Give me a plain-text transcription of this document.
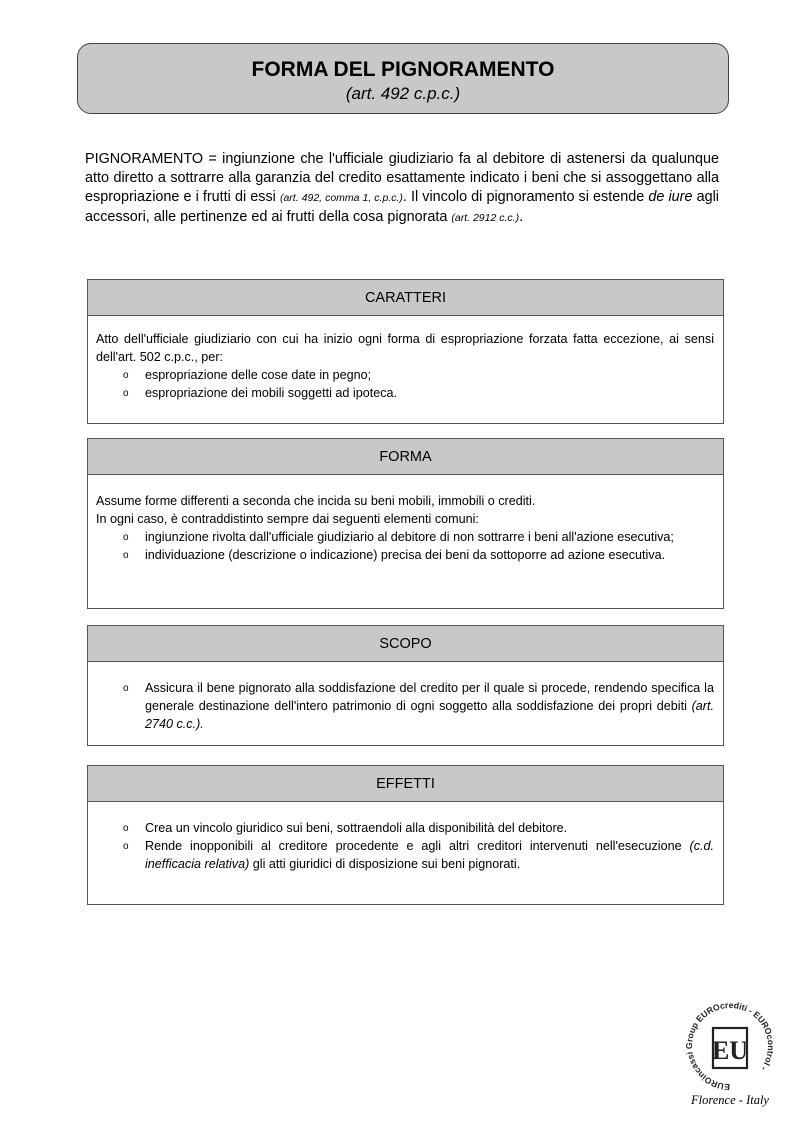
FORMA DEL PIGNORAMENTO
(art. 492 c.p.c.)
PIGNORAMENTO = ingiunzione che l'ufficiale giudiziario fa al debitore di astenersi da qualunque atto diretto a sottrarre alla garanzia del credito esattamente indicato i beni che si assoggettano alla espropriazione e i frutti di essi (art. 492, comma 1, c.p.c.). Il vincolo di pignoramento si estende de iure agli accessori, alle pertinenze ed ai frutti della cosa pignorata (art. 2912 c.c.).
CARATTERI
Atto dell'ufficiale giudiziario con cui ha inizio ogni forma di espropriazione forzata fatta eccezione, ai sensi dell'art. 502 c.p.c., per:
o espropriazione delle cose date in pegno;
o espropriazione dei mobili soggetti ad ipoteca.
FORMA
Assume forme differenti a seconda che incida su beni mobili, immobili o crediti.
In ogni caso, è contraddistinto sempre dai seguenti elementi comuni:
o ingiunzione rivolta dall'ufficiale giudiziario al debitore di non sottrarre i beni all'azione esecutiva;
o individuazione (descrizione o indicazione) precisa dei beni da sottoporre ad azione esecutiva.
SCOPO
o Assicura il bene pignorato alla soddisfazione del credito per il quale si procede, rendendo specifica la generale destinazione dell'intero patrimonio di ogni soggetto alla soddisfazione dei propri debiti (art. 2740 c.c.).
EFFETTI
o Crea un vincolo giuridico sui beni, sottraendoli alla disponibilità del debitore.
o Rende inopponibili al creditore procedente e agli altri creditori intervenuti nell'esecuzione (c.d. inefficacia relativa) gli atti giuridici di disposizione sui beni pignorati.
EUROincassi Group EUROcrediti - EUROcontrol -
EU
Florence - Italy
